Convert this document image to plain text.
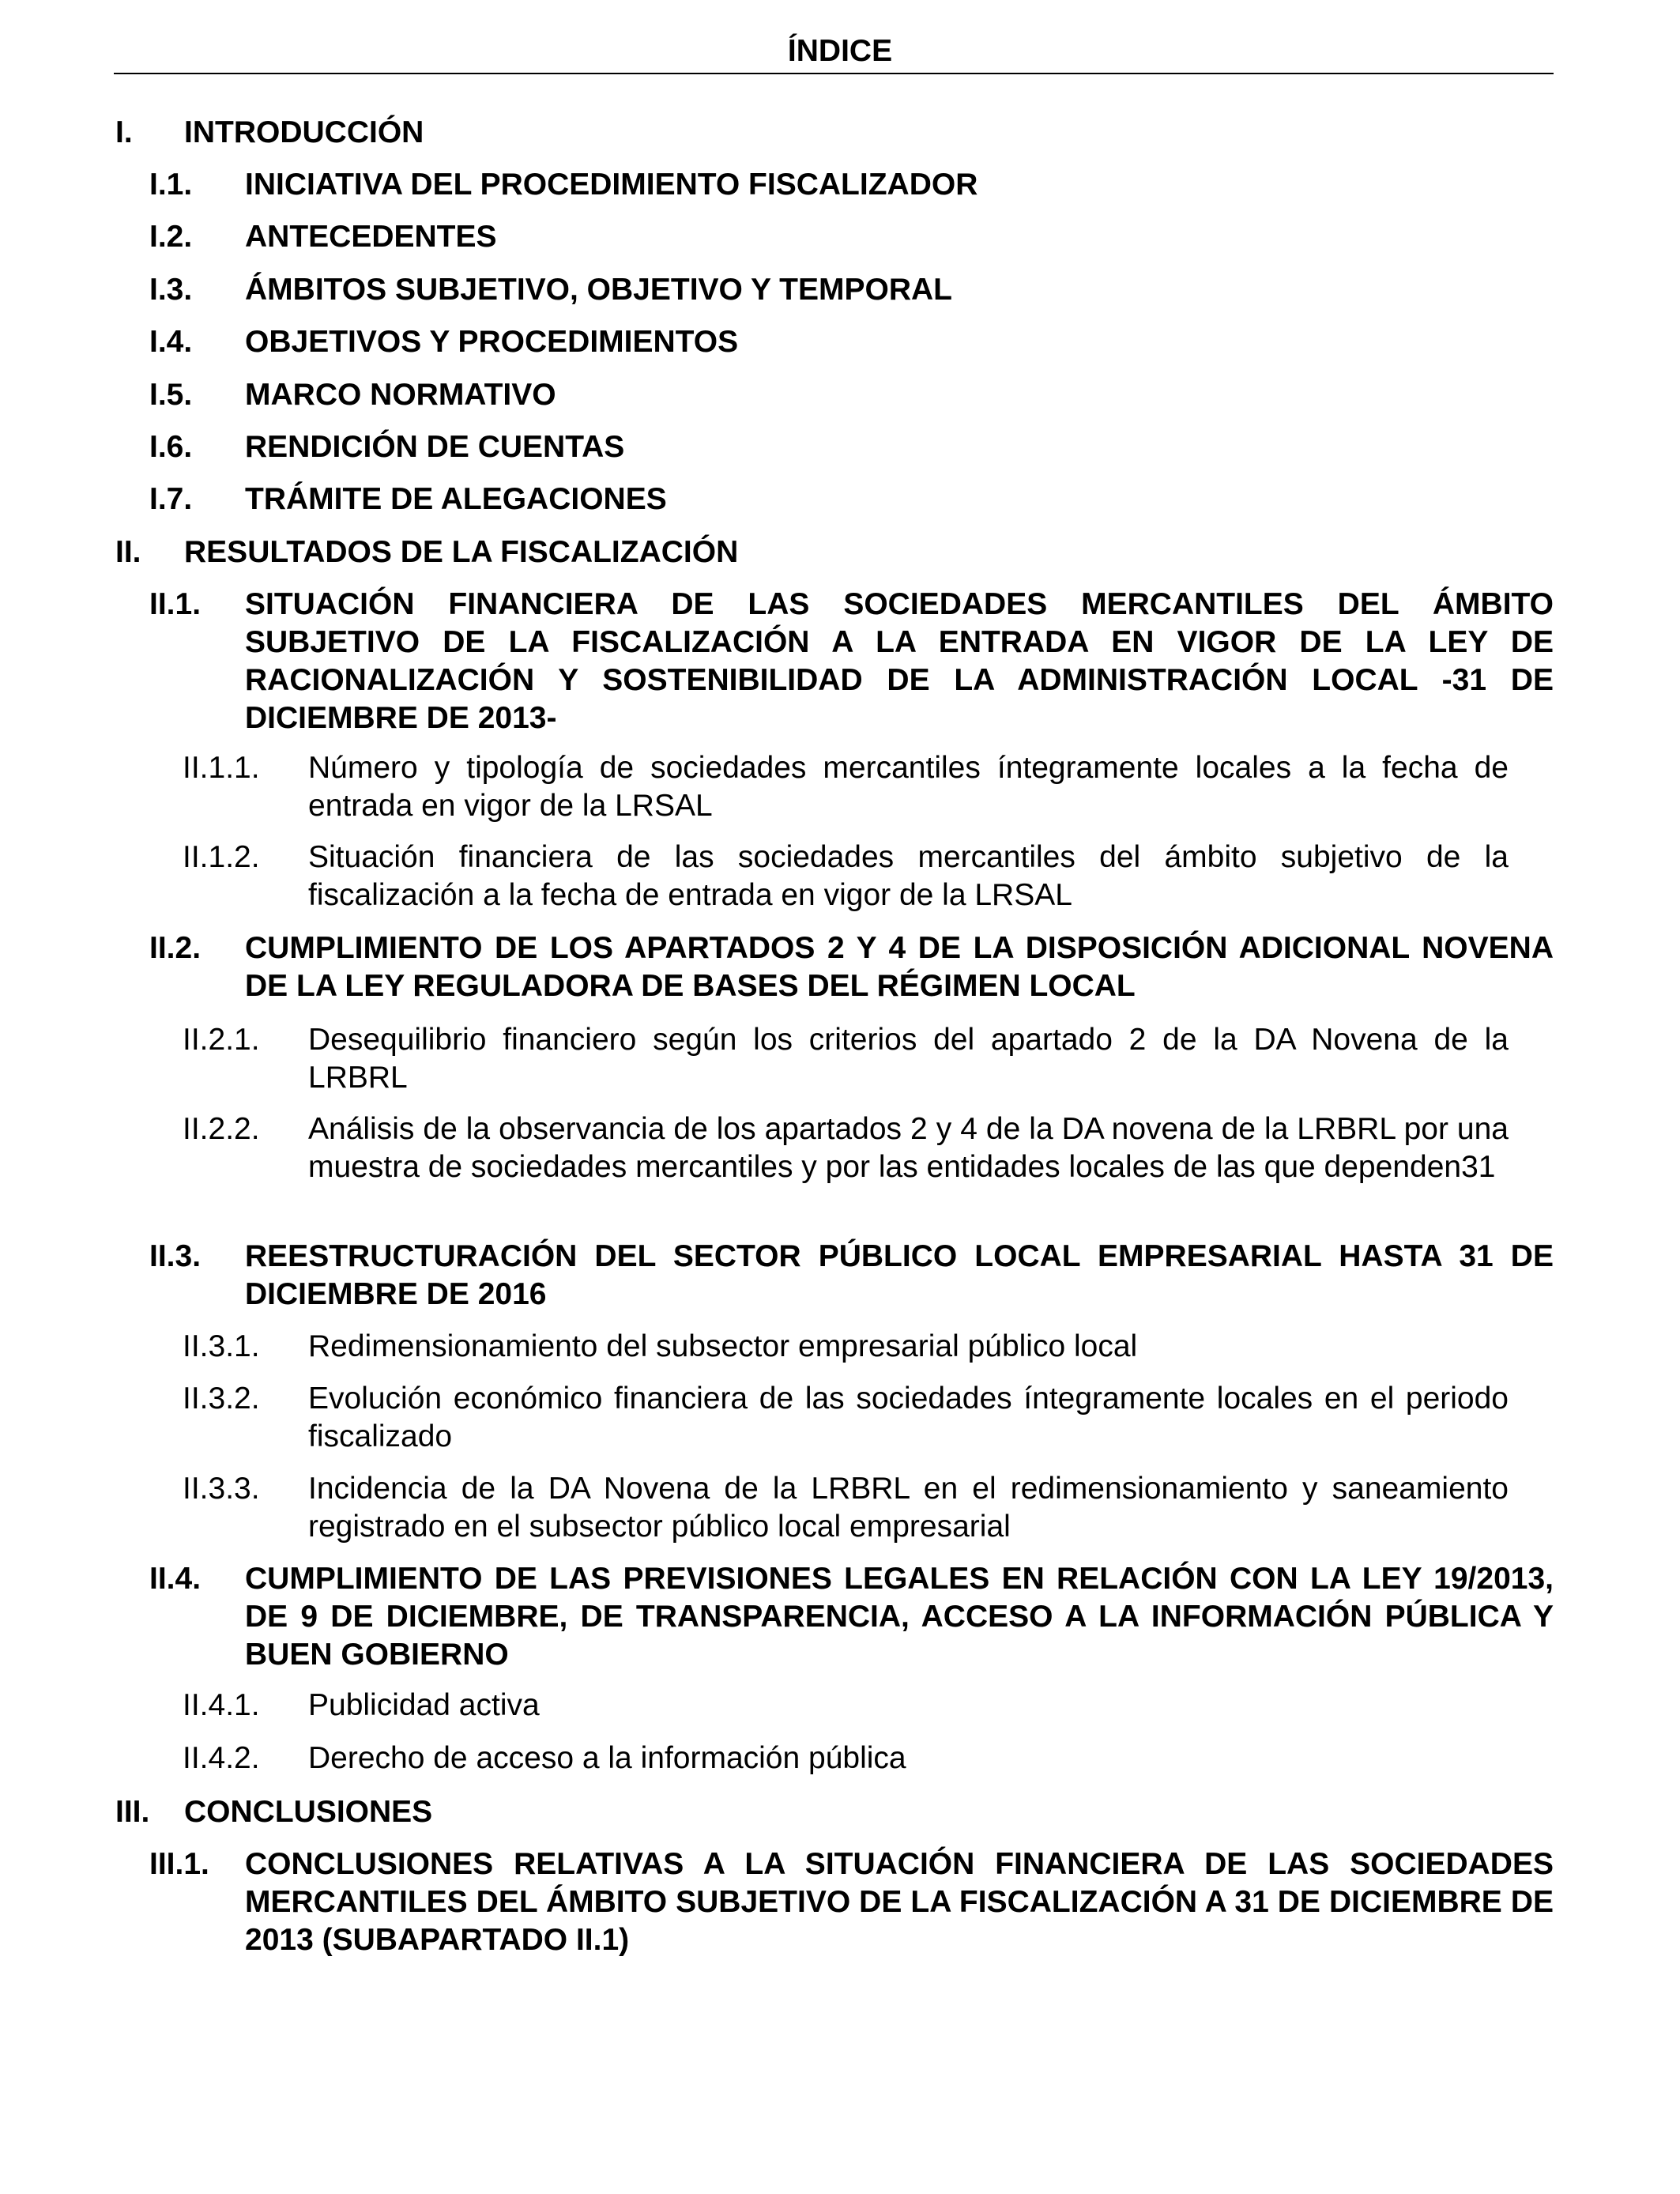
ÍNDICE
I. INTRODUCCIÓN
I.1. INICIATIVA DEL PROCEDIMIENTO FISCALIZADOR
I.2. ANTECEDENTES
I.3. ÁMBITOS SUBJETIVO, OBJETIVO Y TEMPORAL
I.4. OBJETIVOS Y PROCEDIMIENTOS
I.5. MARCO NORMATIVO
I.6. RENDICIÓN DE CUENTAS
I.7. TRÁMITE DE ALEGACIONES
II. RESULTADOS DE LA FISCALIZACIÓN
II.1. SITUACIÓN FINANCIERA DE LAS SOCIEDADES MERCANTILES DEL ÁMBITO SUBJETIVO DE LA FISCALIZACIÓN A LA ENTRADA EN VIGOR DE LA LEY DE RACIONALIZACIÓN Y SOSTENIBILIDAD DE LA ADMINISTRACIÓN LOCAL -31 DE DICIEMBRE DE 2013-
II.1.1. Número y tipología de sociedades mercantiles íntegramente locales a la fecha de entrada en vigor de la LRSAL
II.1.2. Situación financiera de las sociedades mercantiles del ámbito subjetivo de la fiscalización a la fecha de entrada en vigor de la LRSAL
II.2. CUMPLIMIENTO DE LOS APARTADOS 2 Y 4 DE LA DISPOSICIÓN ADICIONAL NOVENA DE LA LEY REGULADORA DE BASES DEL RÉGIMEN LOCAL
II.2.1. Desequilibrio financiero según los criterios del apartado 2 de la DA Novena de la LRBRL
II.2.2. Análisis de la observancia de los apartados 2 y 4 de la DA novena de la LRBRL por una muestra de sociedades mercantiles y por las entidades locales de las que dependen31
II.3. REESTRUCTURACIÓN DEL SECTOR PÚBLICO LOCAL EMPRESARIAL HASTA 31 DE DICIEMBRE DE 2016
II.3.1. Redimensionamiento del subsector empresarial público local
II.3.2. Evolución económico financiera de las sociedades íntegramente locales en el periodo fiscalizado
II.3.3. Incidencia de la DA Novena de la LRBRL en el redimensionamiento y saneamiento registrado en el subsector público local empresarial
II.4. CUMPLIMIENTO DE LAS PREVISIONES LEGALES EN RELACIÓN CON LA LEY 19/2013, DE 9 DE DICIEMBRE, DE TRANSPARENCIA, ACCESO A LA INFORMACIÓN PÚBLICA Y BUEN GOBIERNO
II.4.1. Publicidad activa
II.4.2. Derecho de acceso a la información pública
III. CONCLUSIONES
III.1. CONCLUSIONES RELATIVAS A LA SITUACIÓN FINANCIERA DE LAS SOCIEDADES MERCANTILES DEL ÁMBITO SUBJETIVO DE LA FISCALIZACIÓN A 31 DE DICIEMBRE DE 2013 (SUBAPARTADO II.1)
